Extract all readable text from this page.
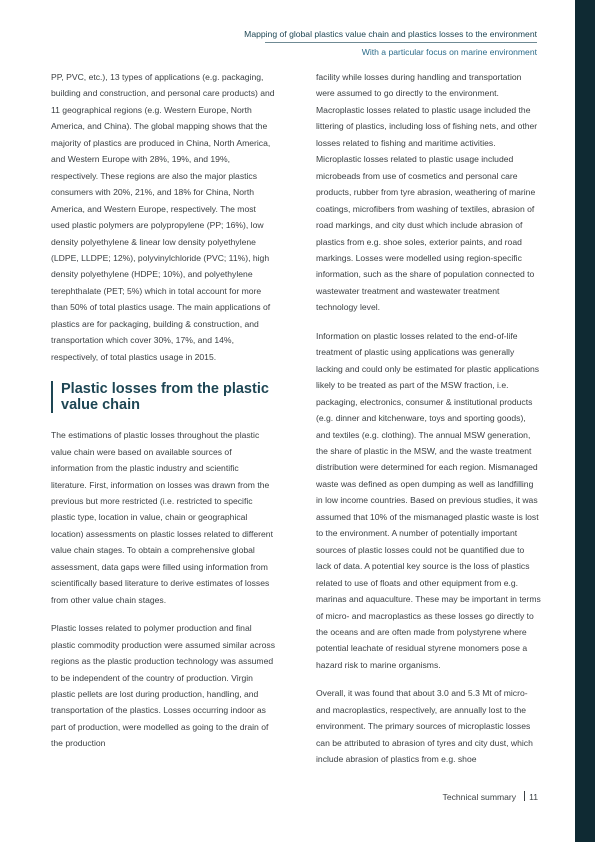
Mapping of global plastics value chain and plastics losses to the environment
With a particular focus on marine environment

PP, PVC, etc.), 13 types of applications (e.g. packaging, building and construction, and personal care products) and 11 geographical regions (e.g. Western Europe, North America, and China). The global mapping shows that the majority of plastics are produced in China, North America, and Western Europe with 28%, 19%, and 19%, respectively. These regions are also the major plastics consumers with 20%, 21%, and 18% for China, North America, and Western Europe, respectively. The most used plastic polymers are polypropylene (PP; 16%), low density polyethylene & linear low density polyethylene (LDPE, LLDPE; 12%), polyvinylchloride (PVC; 11%), high density polyethylene (HDPE; 10%), and polyethylene terephthalate (PET; 5%) which in total account for more than 50% of total plastics usage. The main applications of plastics are for packaging, building & construction, and transportation which cover 30%, 17%, and 14%, respectively, of total plastics usage in 2015.

Plastic losses from the plastic value chain

The estimations of plastic losses throughout the plastic value chain were based on available sources of information from the plastic industry and scientific literature. First, information on losses was drawn from the previous but more restricted (i.e. restricted to specific plastic type, location in value, chain or geographical location) assessments on plastic losses related to different value chain stages. To obtain a comprehensive global assessment, data gaps were filled using information from scientifically based literature to derive estimates of losses from other value chain stages.

Plastic losses related to polymer production and final plastic commodity production were assumed similar across regions as the plastic production technology was assumed to be independent of the country of production. Virgin plastic pellets are lost during production, handling, and transportation of the plastics. Losses occurring indoor as part of production, were modelled as going to the drain of the production

facility while losses during handling and transportation were assumed to go directly to the environment. Macroplastic losses related to plastic usage included the littering of plastics, including loss of fishing nets, and other losses related to fishing and maritime activities. Microplastic losses related to plastic usage included microbeads from use of cosmetics and personal care products, rubber from tyre abrasion, weathering of marine coatings, microfibers from washing of textiles, abrasion of road markings, and city dust which include abrasion of plastics from e.g. shoe soles, exterior paints, and road markings. Losses were modelled using region-specific information, such as the share of population connected to wastewater treatment and wastewater treatment technology level.

Information on plastic losses related to the end-of-life treatment of plastic using applications was generally lacking and could only be estimated for plastic applications likely to be treated as part of the MSW fraction, i.e. packaging, electronics, consumer & institutional products (e.g. dinner and kitchenware, toys and sporting goods), and textiles (e.g. clothing). The annual MSW generation, the share of plastic in the MSW, and the waste treatment distribution were determined for each region. Mismanaged waste was defined as open dumping as well as landfilling in low income countries. Based on previous studies, it was assumed that 10% of the mismanaged plastic waste is lost to the environment. A number of potentially important sources of plastic losses could not be quantified due to lack of data. A potential key source is the loss of plastics related to use of floats and other equipment from e.g. marinas and aquaculture. These may be important in terms of micro- and macroplastics as these losses go directly to the oceans and are often made from polystyrene where potential leachate of residual styrene monomers pose a hazard risk to marine organisms.

Overall, it was found that about 3.0 and 5.3 Mt of micro- and macroplastics, respectively, are annually lost to the environment. The primary sources of microplastic losses can be attributed to abrasion of tyres and city dust, which include abrasion of plastics from e.g. shoe

Technical summary 11
